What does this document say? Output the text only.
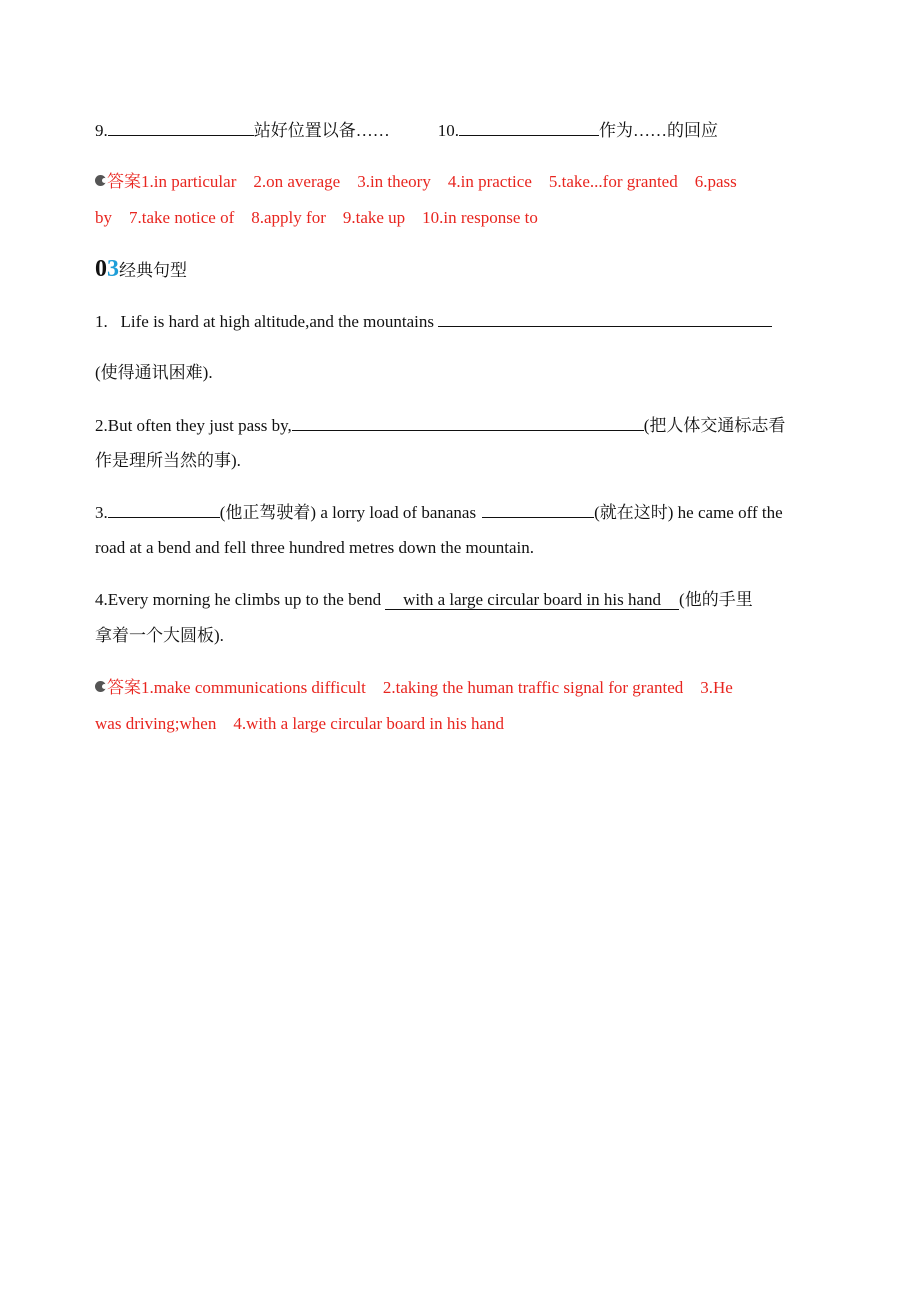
9.	站好位置以备……	10.	作为……的回应
答案1.in particular    2.on average    3.in theory    4.in practice    5.take...for granted    6.pass
by    7.take notice of    8.apply for    9.take up    10.in response to
03经典句型
1.   Life is hard at high altitude,and the mountains
(使得通讯困难).
2.But often they just pass by,	(把人体交通标志看
作是理所当然的事).
3.	(他正驾驶着) a lorry load of bananas	(就在这时) he came off the
road at a bend and fell three hundred metres down the mountain.
4.Every morning he climbs up to the bend with a large circular board in his hand (他的手里
拿着一个大圆板).
答案1.make communications difficult    2.taking the human traffic signal for granted    3.He
was driving;when    4.with a large circular board in his hand
